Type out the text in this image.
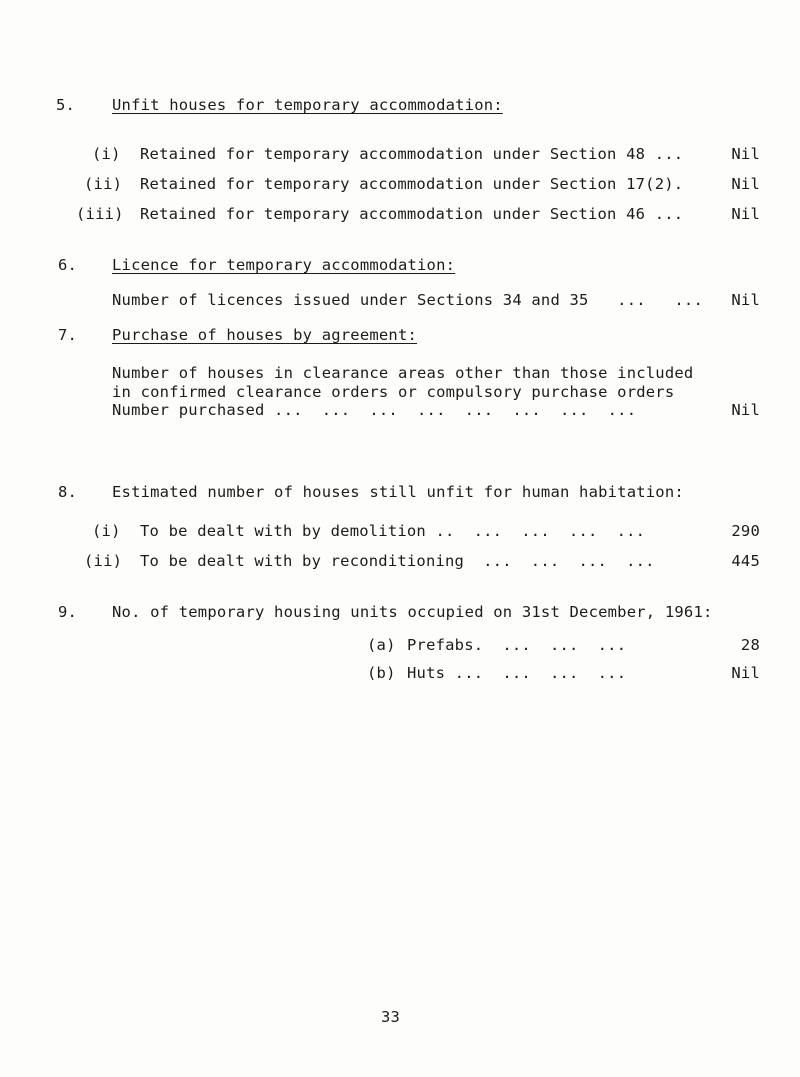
5. Unfit houses for temporary accommodation:
(i) Retained for temporary accommodation under Section 48 ...	Nil
(ii) Retained for temporary accommodation under Section 17(2).	Nil
(iii) Retained for temporary accommodation under Section 46 ...	Nil
6. Licence for temporary accommodation:
Number of licences issued under Sections 34 and 35   ...   ...	Nil
7. Purchase of houses by agreement:
Number of houses in clearance areas other than those included
in confirmed clearance orders or compulsory purchase orders
Number purchased ...  ...  ...  ...  ...  ...  ...  ...	Nil
8. Estimated number of houses still unfit for human habitation:
(i) To be dealt with by demolition ..  ...  ...  ...  ...	290
(ii) To be dealt with by reconditioning  ...  ...  ...  ...	445
9. No. of temporary housing units occupied on 31st December, 1961:
(a) Prefabs.  ...  ...  ...	28
(b) Huts ...  ...  ...  ...	Nil
33
